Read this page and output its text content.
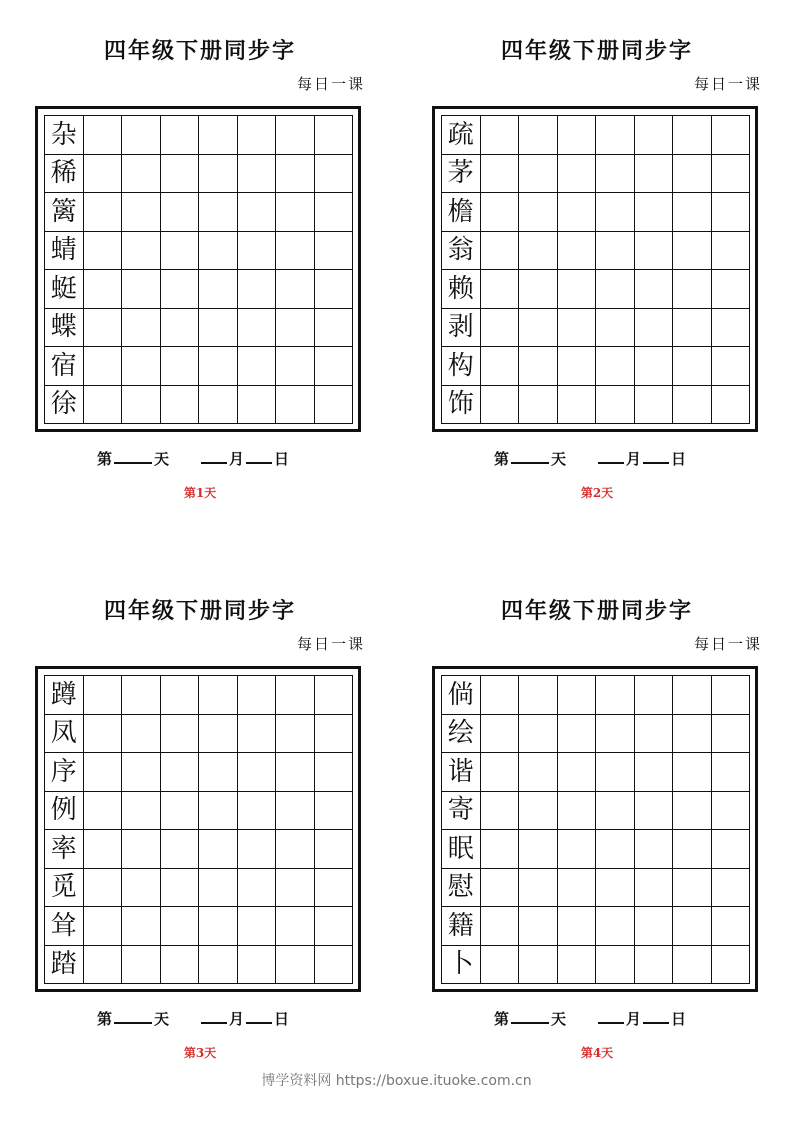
四年级下册同步字
每日一课
杂
稀
篱
蜻
蜓
蝶
宿
徐
第	天	月 日
第1天
四年级下册同步字
每日一课
疏
茅
檐
翁
赖
剥
构
饰
第	天	月 日
第2天
四年级下册同步字
每日一课
蹲
凤
序
例
率
觅
耸
踏
第	天	月 日
第3天
四年级下册同步字
每日一课
倘
绘
谐
寄
眠
慰
籍
卜
第	天	月 日
第4天
博学资料网 https://boxue.ituoke.com.cn
